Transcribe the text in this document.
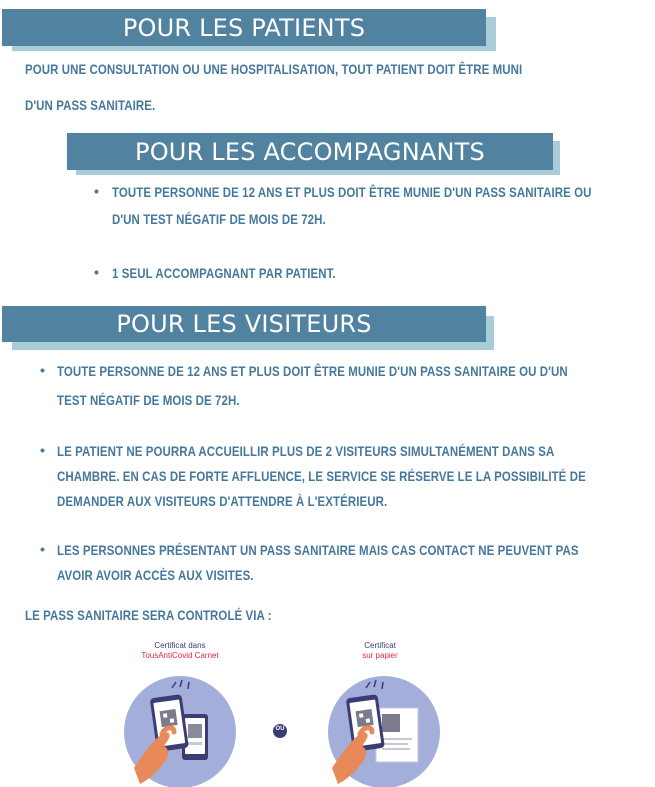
POUR LES PATIENTS
POUR UNE CONSULTATION OU UNE HOSPITALISATION, TOUT PATIENT DOIT ÊTRE MUNI
D'UN PASS SANITAIRE.
POUR LES ACCOMPAGNANTS
• TOUTE PERSONNE DE 12 ANS ET PLUS DOIT ÊTRE MUNIE D'UN PASS SANITAIRE OU
D'UN TEST NÉGATIF DE MOIS DE 72H.
• 1 SEUL ACCOMPAGNANT PAR PATIENT.
POUR LES VISITEURS
• TOUTE PERSONNE DE 12 ANS ET PLUS DOIT ÊTRE MUNIE D'UN PASS SANITAIRE OU D'UN
TEST NÉGATIF DE MOIS DE 72H.
• LE PATIENT NE POURRA ACCUEILLIR PLUS DE 2 VISITEURS SIMULTANÉMENT DANS SA
CHAMBRE. EN CAS DE FORTE AFFLUENCE, LE SERVICE SE RÉSERVE LE LA POSSIBILITÉ DE
DEMANDER AUX VISITEURS D'ATTENDRE À L'EXTÉRIEUR.
• LES PERSONNES PRÉSENTANT UN PASS SANITAIRE MAIS CAS CONTACT NE PEUVENT PAS
AVOIR AVOIR ACCÈS AUX VISITES.
LE PASS SANITAIRE SERA CONTROLÉ VIA :
Certificat dans
TousAntiCovid Carnet
Certificat
sur papier
OU
